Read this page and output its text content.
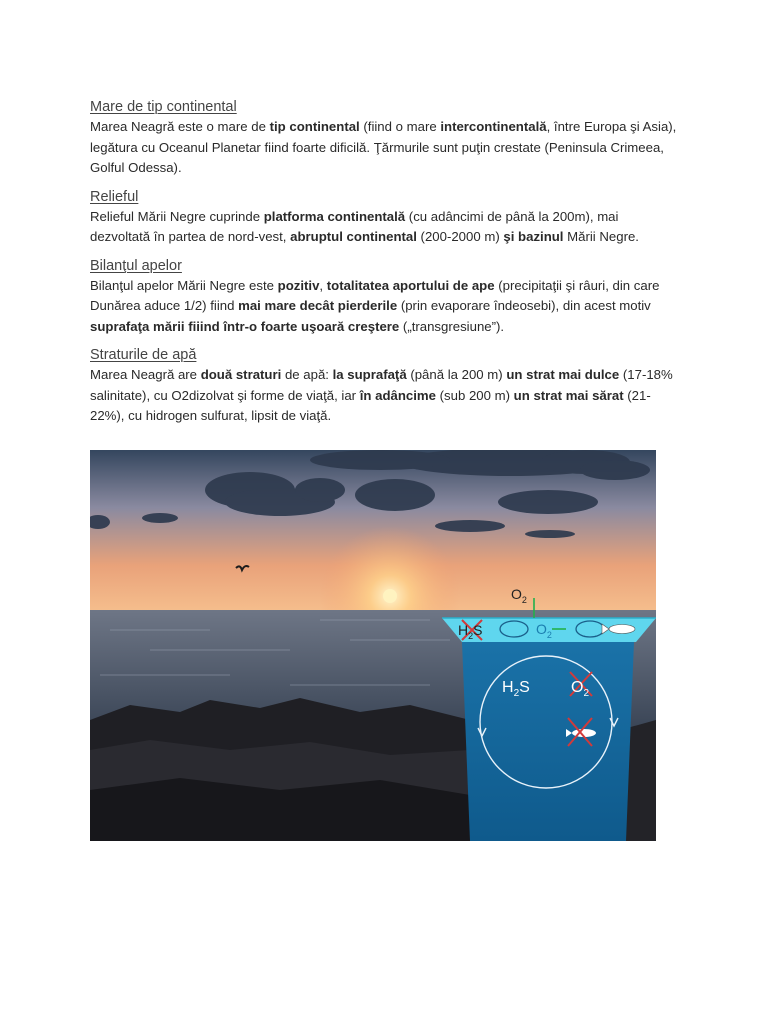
Mare de tip continental

Marea Neagră este o mare de tip continental (fiind o mare intercontinentală, între Europa şi Asia), legătura cu Oceanul Planetar fiind foarte dificilă. Ţărmurile sunt puţin crestate (Peninsula Crimeea, Golful Odessa).

Relieful

Relieful Mării Negre cuprinde platforma continentală (cu adâncimi de până la 200m), mai dezvoltată în partea de nord-vest, abruptul continental (200-2000 m) şi bazinul Mării Negre.

Bilanţul apelor

Bilanţul apelor Mării Negre este pozitiv, totalitatea aportului de ape (precipitaţii şi râuri, din care Dunărea aduce 1/2) fiind mai mare decât pierderile (prin evaporare îndeosebi), din acest motiv suprafaţa mării fiiind într-o foarte uşoară creştere („transgresiune”).

Straturile de apă

Marea Neagră are două straturi de apă: la suprafaţă (până la 200 m) un strat mai dulce (17-18% salinitate), cu O2dizolvat şi forme de viaţă, iar în adâncime (sub 200 m) un strat mai sărat (21-22%), cu hidrogen sulfurat, lipsit de viaţă.

$O_2$
$H_2S$	$O_2$
$H_2S$	$O_2$
